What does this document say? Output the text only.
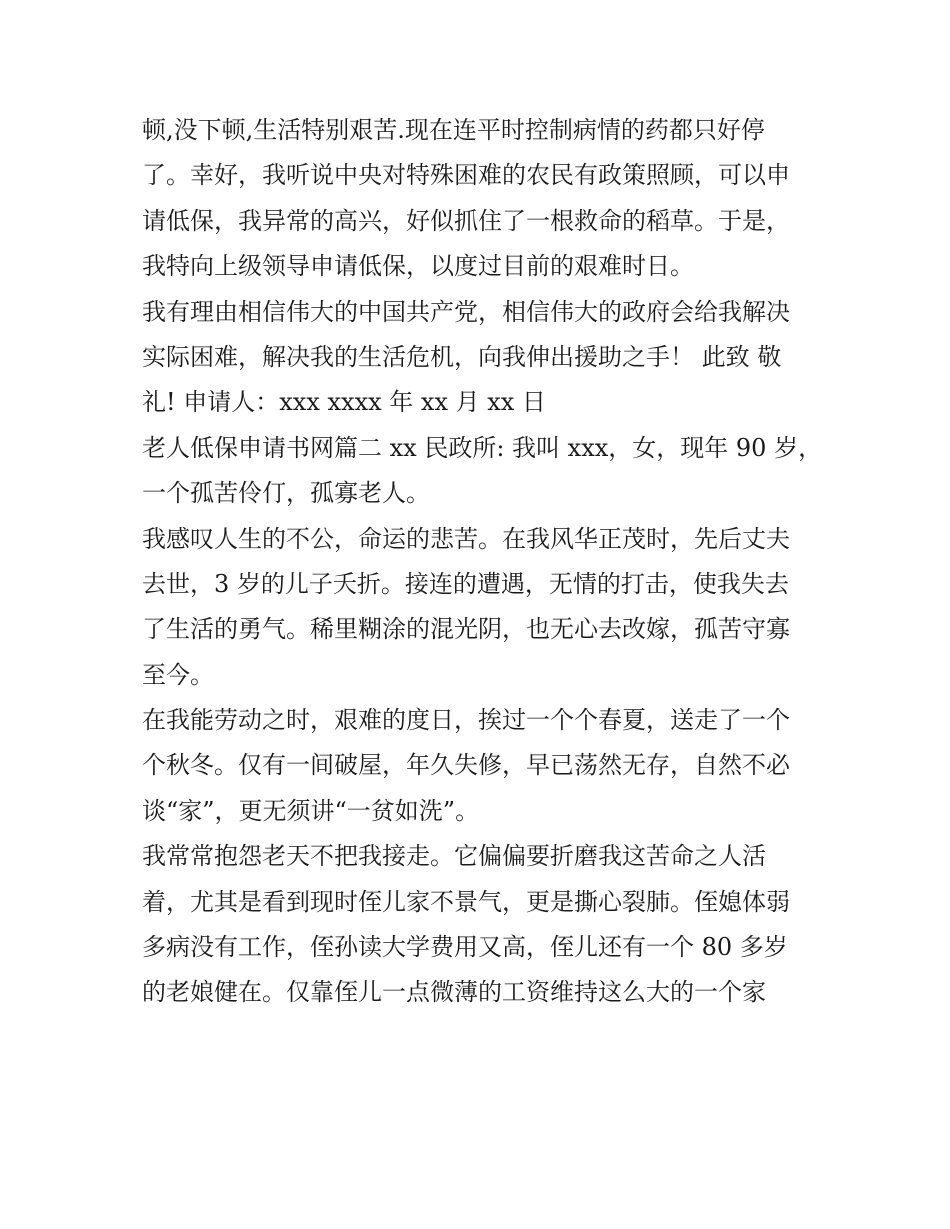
顿,没下顿,生活特别艰苦.现在连平时控制病情的药都只好停
了。幸好，我听说中央对特殊困难的农民有政策照顾，可以申
请低保，我异常的高兴，好似抓住了一根救命的稻草。于是，
我特向上级领导申请低保，以度过目前的艰难时日。
我有理由相信伟大的中国共产党，相信伟大的政府会给我解决
实际困难，解决我的生活危机，向我伸出援助之手！ 此致 敬
礼! 申请人：xxx xxxx 年 xx 月 xx 日
老人低保申请书网篇二 xx 民政所: 我叫 xxx，女，现年 90 岁，
一个孤苦伶仃，孤寡老人。
我感叹人生的不公，命运的悲苦。在我风华正茂时，先后丈夫
去世，3 岁的儿子夭折。接连的遭遇，无情的打击，使我失去
了生活的勇气。稀里糊涂的混光阴，也无心去改嫁，孤苦守寡
至今。
在我能劳动之时，艰难的度日，挨过一个个春夏，送走了一个
个秋冬。仅有一间破屋，年久失修，早已荡然无存，自然不必
谈“家”，更无须讲“一贫如洗”。
我常常抱怨老天不把我接走。它偏偏要折磨我这苦命之人活
着，尤其是看到现时侄儿家不景气，更是撕心裂肺。侄媳体弱
多病没有工作，侄孙读大学费用又高，侄儿还有一个 80 多岁
的老娘健在。仅靠侄儿一点微薄的工资维持这么大的一个家
